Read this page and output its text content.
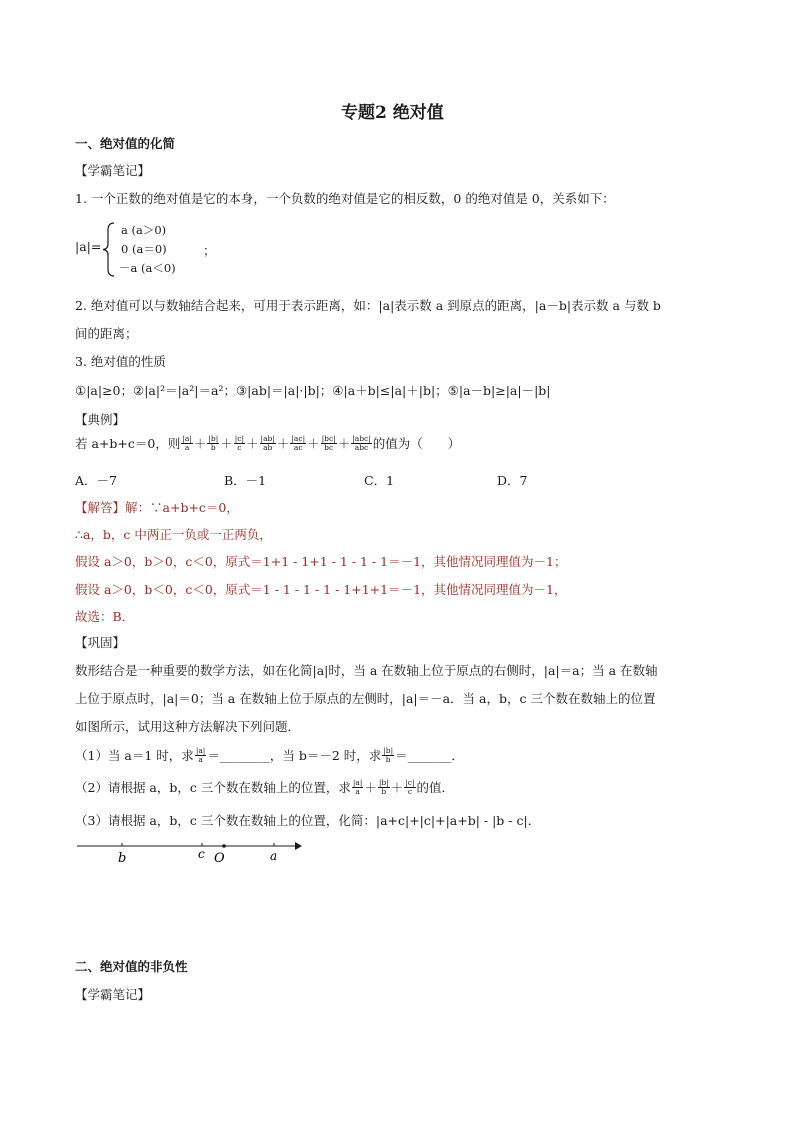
专题2 绝对值
一、绝对值的化简
【学霸笔记】
1. 一个正数的绝对值是它的本身，一个负数的绝对值是它的相反数，0 的绝对值是 0，关系如下：
|a|=
a (a＞0)
0 (a＝0)
－a (a＜0)
；
2. 绝对值可以与数轴结合起来，可用于表示距离，如：|a|表示数 a 到原点的距离，|a－b|表示数 a 与数 b
间的距离；
3. 绝对值的性质
①|a|≥0；②|a|²＝|a²|＝a²；③|ab|＝|a|·|b|；④|a＋b|≤|a|＋|b|；⑤|a－b|≥|a|－|b|
【典例】
若 a+b+c＝0，则 $\frac{|a|}{a} + \frac{|b|}{b} + \frac{|c|}{c} + \frac{|ab|}{ab} + \frac{|ac|}{ac} + \frac{|bc|}{bc} + \frac{\text{|abc|}}{\text{abc}}$ 的值为（　　）
A．－7	B．－1	C．1	D．7
【解答】解：∵a+b+c＝0，
∴a，b，c 中两正一负或一正两负，
假设 a＞0，b＞0，c＜0，原式＝1+1 - 1+1 - 1 - 1 - 1＝－1，其他情况同理值为－1；
假设 a＞0，b＜0，c＜0，原式＝1 - 1 - 1 - 1 - 1+1+1＝－1，其他情况同理值为－1，
故选：B．
【巩固】
数形结合是一种重要的数学方法，如在化简|a|时，当 a 在数轴上位于原点的右侧时，|a|＝a；当 a 在数轴
上位于原点时，|a|＝0；当 a 在数轴上位于原点的左侧时，|a|＝－a．当 a，b，c 三个数在数轴上的位置
如图所示，试用这种方法解决下列问题．
（1）当 a＝1 时，求 $\frac{|a|}{a}$ ＝________，当 b＝－2 时，求 $\frac{|b|}{b}$ ＝_______．
（2）请根据 a，b，c 三个数在数轴上的位置，求 $\frac{|a|}{a} + \frac{|b|}{b} + \frac{|c|}{c}$ 的值．
（3）请根据 a，b，c 三个数在数轴上的位置，化简：|a+c|+|c|+|a+b| - |b - c|．
b	c O	a
二、绝对值的非负性
【学霸笔记】
